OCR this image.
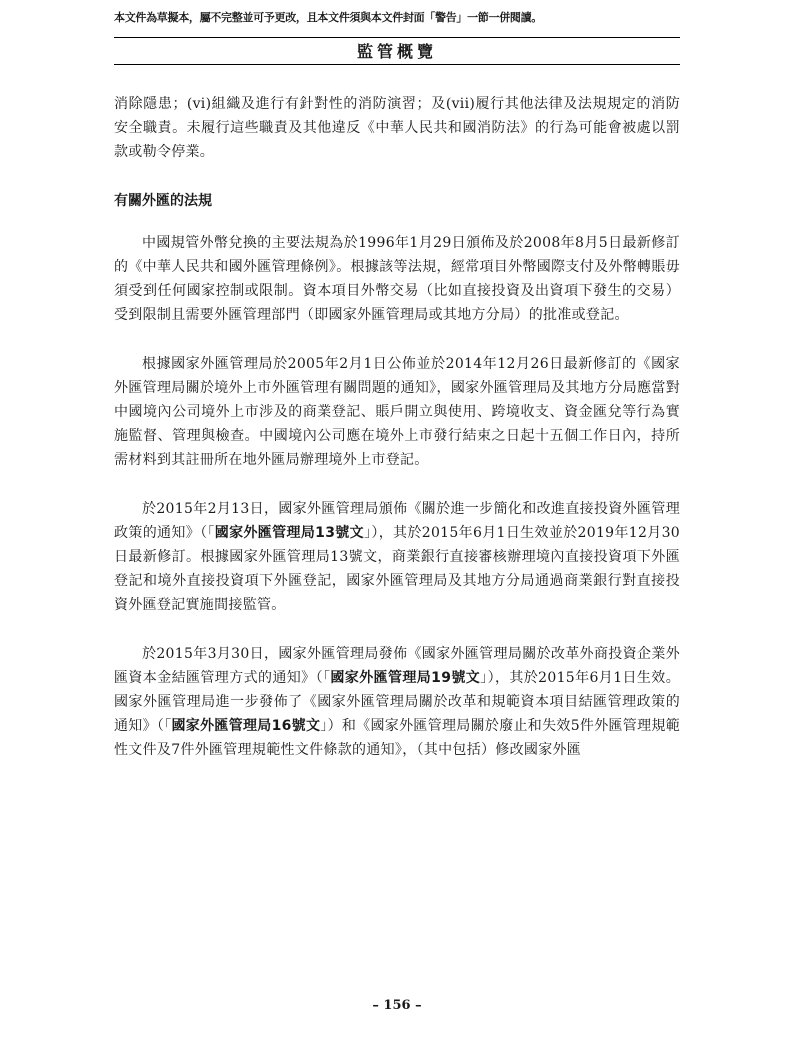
本文件為草擬本，屬不完整並可予更改，且本文件須與本文件封面「警告」一節一併閱讀。
監管概覽

消除隱患；(vi)組織及進行有針對性的消防演習；及(vii)履行其他法律及法規規定的消防安全職責。未履行這些職責及其他違反《中華人民共和國消防法》的行為可能會被處以罰款或勒令停業。

有關外匯的法規

中國規管外幣兌換的主要法規為於1996年1月29日頒佈及於2008年8月5日最新修訂的《中華人民共和國外匯管理條例》。根據該等法規，經常項目外幣國際支付及外幣轉賬毋須受到任何國家控制或限制。資本項目外幣交易（比如直接投資及出資項下發生的交易）受到限制且需要外匯管理部門（即國家外匯管理局或其地方分局）的批准或登記。

根據國家外匯管理局於2005年2月1日公佈並於2014年12月26日最新修訂的《國家外匯管理局關於境外上市外匯管理有關問題的通知》，國家外匯管理局及其地方分局應當對中國境內公司境外上市涉及的商業登記、賬戶開立與使用、跨境收支、資金匯兌等行為實施監督、管理與檢查。中國境內公司應在境外上市發行結束之日起十五個工作日內，持所需材料到其註冊所在地外匯局辦理境外上市登記。

於2015年2月13日，國家外匯管理局頒佈《關於進一步簡化和改進直接投資外匯管理政策的通知》（「國家外匯管理局13號文」），其於2015年6月1日生效並於2019年12月30日最新修訂。根據國家外匯管理局13號文，商業銀行直接審核辦理境內直接投資項下外匯登記和境外直接投資項下外匯登記，國家外匯管理局及其地方分局通過商業銀行對直接投資外匯登記實施間接監管。

於2015年3月30日，國家外匯管理局發佈《國家外匯管理局關於改革外商投資企業外匯資本金結匯管理方式的通知》（「國家外匯管理局19號文」），其於2015年6月1日生效。國家外匯管理局進一步發佈了《國家外匯管理局關於改革和規範資本項目結匯管理政策的通知》（「國家外匯管理局16號文」）和《國家外匯管理局關於廢止和失效5件外匯管理規範性文件及7件外匯管理規範性文件條款的通知》，（其中包括）修改國家外匯

– 156 –
